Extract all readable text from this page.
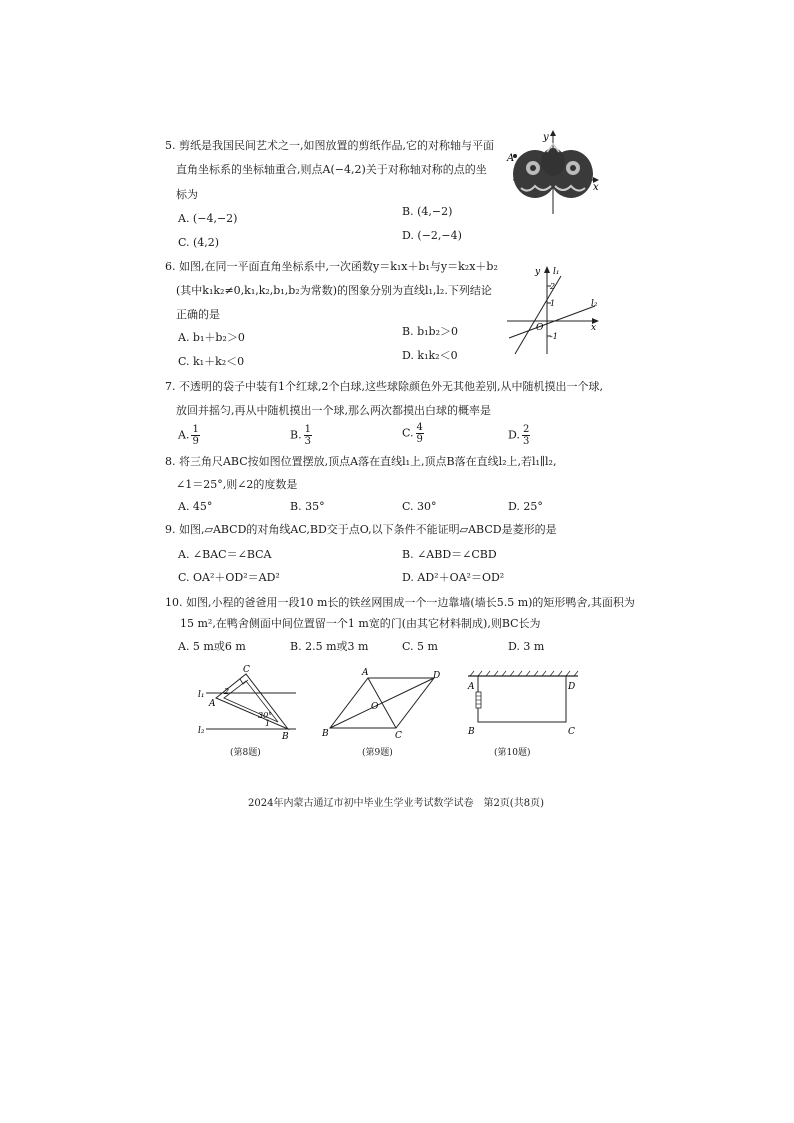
5. 剪纸是我国民间艺术之一,如图放置的剪纸作品,它的对称轴与平面
直角坐标系的坐标轴重合,则点A(−4,2)关于对称轴对称的点的坐
标为
A. (−4,−2)
B. (4,−2)
C. (4,2)
D. (−2,−4)
A
y
x
6. 如图,在同一平面直角坐标系中,一次函数y＝k₁x＋b₁与y＝k₂x＋b₂
(其中k₁k₂≠0,k₁,k₂,b₁,b₂为常数)的图象分别为直线l₁,l₂.下列结论
正确的是
A. b₁＋b₂＞0	B. b₁b₂＞0
C. k₁＋k₂＜0	D. k₁k₂＜0
y
x
l₁
l₂
O
2
1
-1
7. 不透明的袋子中装有1个红球,2个白球,这些球除颜色外无其他差别,从中随机摸出一个球,
放回并摇匀,再从中随机摸出一个球,那么两次都摸出白球的概率是
A. $\frac{1}{9}$	B. $\frac{1}{3}$	C. $\frac{4}{9}$	D. $\frac{2}{3}$
8. 将三角尺ABC按如图位置摆放,顶点A落在直线l₁上,顶点B落在直线l₂上,若l₁∥l₂,
∠1＝25°,则∠2的度数是
A. 45°	B. 35°	C. 30°	D. 25°
9. 如图,▱ABCD的对角线AC,BD交于点O,以下条件不能证明▱ABCD是菱形的是
A. ∠BAC＝∠BCA	B. ∠ABD＝∠CBD
C. OA²＋OD²＝AD²	D. AD²＋OA²＝OD²
10. 如图,小程的爸爸用一段10 m长的铁丝网围成一个一边靠墙(墙长5.5 m)的矩形鸭舍,其面积为
15 m²,在鸭舍侧面中间位置留一个1 m宽的门(由其它材料制成),则BC长为
A. 5 m或6 m	B. 2.5 m或3 m	C. 5 m	D. 3 m
l₁
l₂
A
B
C
2
1
30°
(第8题)
A
B	C
D
O
(第9题)
A
B	C
D
(第10题)
2024年内蒙古通辽市初中毕业生学业考试数学试卷　第2页(共8页)
